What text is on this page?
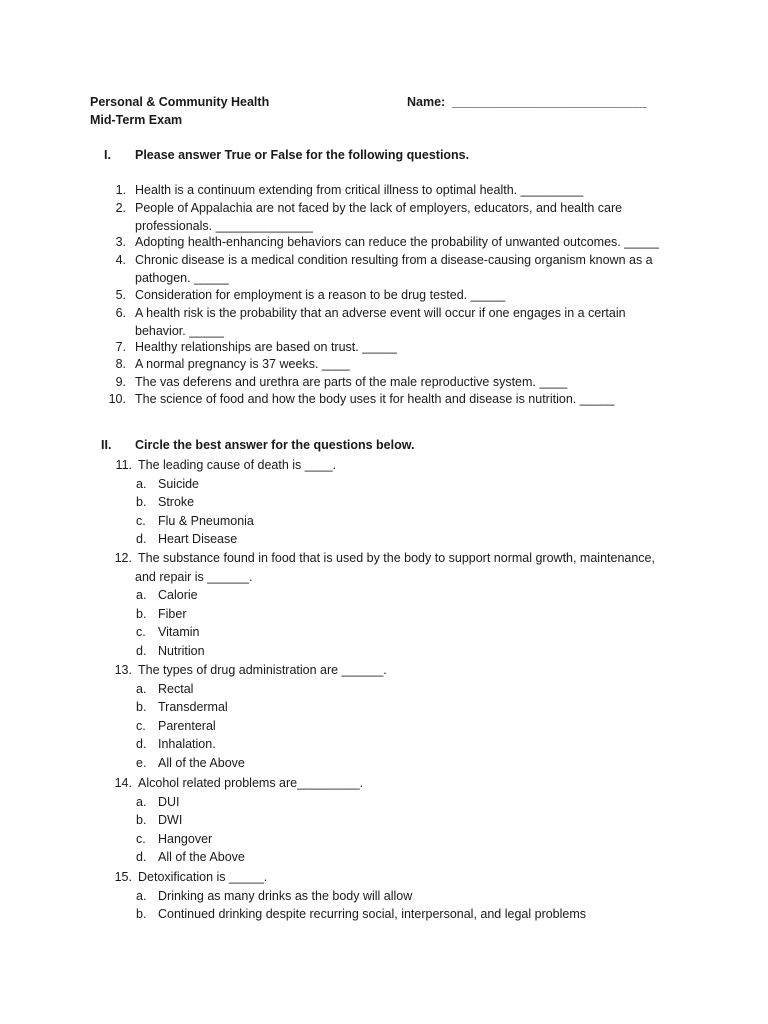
Personal & Community Health
Mid-Term Exam
Name: ____________________________
I. Please answer True or False for the following questions.
1. Health is a continuum extending from critical illness to optimal health. _________
2. People of Appalachia are not faced by the lack of employers, educators, and health care
professionals. ______________
3. Adopting health-enhancing behaviors can reduce the probability of unwanted outcomes. _____
4. Chronic disease is a medical condition resulting from a disease-causing organism known as a
pathogen. _____
5. Consideration for employment is a reason to be drug tested. _____
6. A health risk is the probability that an adverse event will occur if one engages in a certain
behavior. _____
7. Healthy relationships are based on trust. _____
8. A normal pregnancy is 37 weeks. ____
9. The vas deferens and urethra are parts of the male reproductive system. ____
10. The science of food and how the body uses it for health and disease is nutrition. _____
II. Circle the best answer for the questions below.
11. The leading cause of death is ____.
a. Suicide
b. Stroke
c. Flu & Pneumonia
d. Heart Disease
12. The substance found in food that is used by the body to support normal growth, maintenance,
and repair is ______.
a. Calorie
b. Fiber
c. Vitamin
d. Nutrition
13. The types of drug administration are ______.
a. Rectal
b. Transdermal
c. Parenteral
d. Inhalation.
e. All of the Above
14. Alcohol related problems are_________.
a. DUI
b. DWI
c. Hangover
d. All of the Above
15. Detoxification is _____.
a. Drinking as many drinks as the body will allow
b. Continued drinking despite recurring social, interpersonal, and legal problems
